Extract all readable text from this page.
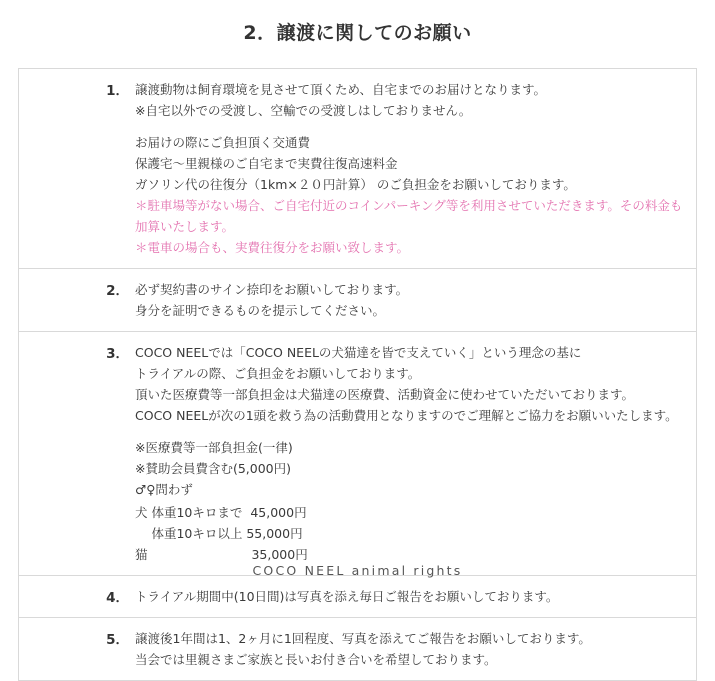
2．譲渡に関してのお願い
1． 譲渡動物は飼育環境を見させて頂くため、自宅までのお届けとなります。
※自宅以外での受渡し、空輸での受渡しはしておりません。
お届けの際にご負担頂く交通費
保護宅〜里親様のご自宅まで実費往復高速料金
ガソリン代の往復分（1km×２０円計算） のご負担金をお願いしております。
＊駐車場等がない場合、ご自宅付近のコインパーキング等を利用させていただきます。その料金も加算いたします。
＊電車の場合も、実費往復分をお願い致します。
2． 必ず契約書のサイン捺印をお願いしております。
身分を証明できるものを提示してください。
3． COCO NEELでは「COCO NEELの犬猫達を皆で支えていく」という理念の基に
トライアルの際、ご負担金をお願いしております。
頂いた医療費等一部負担金は犬猫達の医療費、活動資金に使わせていただいております。
COCO NEELが次の1頭を救う為の活動費用となりますのでご理解とご協力をお願いいたします。
※医療費等一部負担金(一律)
※賛助会員費含む(5,000円)
♂♀問わず
犬 体重10キロまで  45,000円
　 体重10キロ以上 55,000円
猫　　　　　　　　 35,000円
4． トライアル期間中(10日間)は写真を添え毎日ご報告をお願いしております。
5． 譲渡後1年間は1、2ヶ月に1回程度、写真を添えてご報告をお願いしております。
当会では里親さまご家族と長いお付き合いを希望しております。
COCO NEEL animal rights
